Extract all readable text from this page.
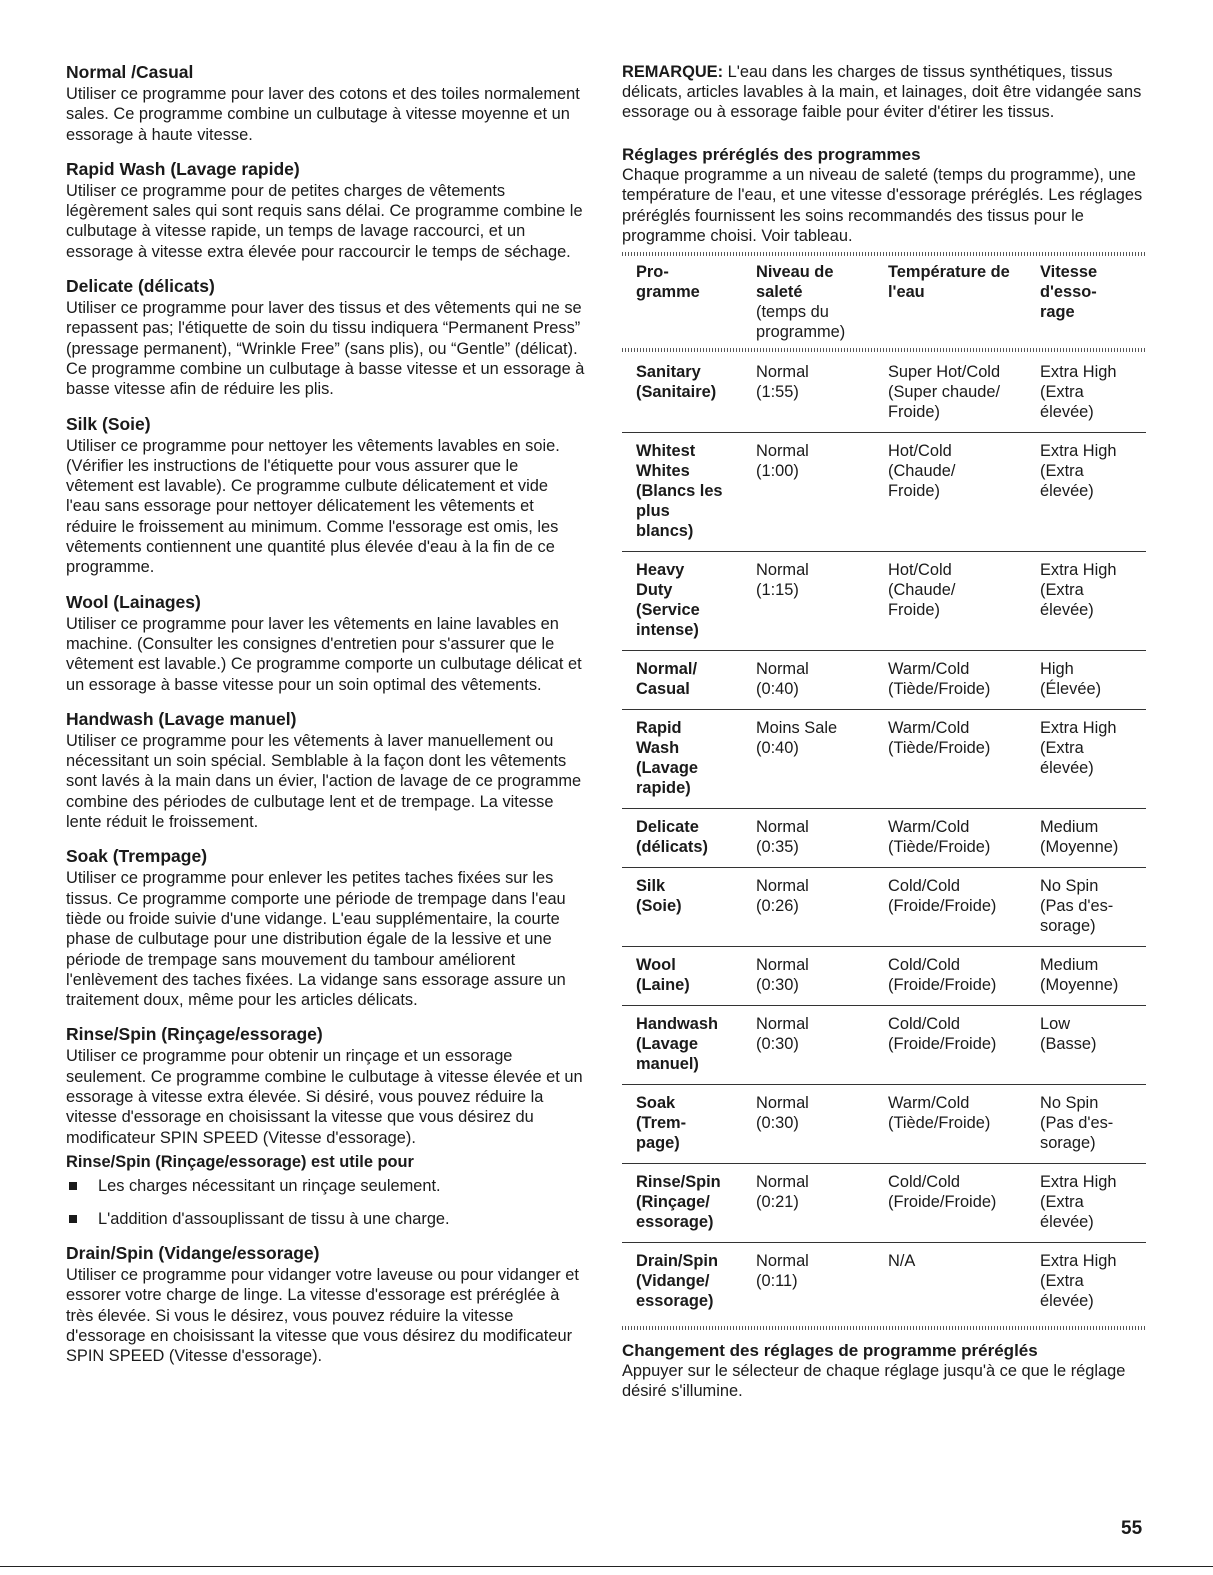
Normal /Casual

Utiliser ce programme pour laver des cotons et des toiles normalement sales. Ce programme combine un culbutage à vitesse moyenne et un essorage à haute vitesse.

Rapid Wash (Lavage rapide)

Utiliser ce programme pour de petites charges de vêtements légèrement sales qui sont requis sans délai. Ce programme combine le culbutage à vitesse rapide, un temps de lavage raccourci, et un essorage à vitesse extra élevée pour raccourcir le temps de séchage.

Delicate (délicats)

Utiliser ce programme pour laver des tissus et des vêtements qui ne se repassent pas; l'étiquette de soin du tissu indiquera “Permanent Press” (pressage permanent), “Wrinkle Free” (sans plis), ou “Gentle” (délicat). Ce programme combine un culbutage à basse vitesse et un essorage à basse vitesse afin de réduire les plis.

Silk (Soie)

Utiliser ce programme pour nettoyer les vêtements lavables en soie. (Vérifier les instructions de l'étiquette pour vous assurer que le vêtement est lavable). Ce programme culbute délicatement et vide l'eau sans essorage pour nettoyer délicatement les vêtements et réduire le froissement au minimum. Comme l'essorage est omis, les vêtements contiennent une quantité plus élevée d'eau à la fin de ce programme.

Wool (Lainages)

Utiliser ce programme pour laver les vêtements en laine lavables en machine. (Consulter les consignes d'entretien pour s'assurer que le vêtement est lavable.) Ce programme comporte un culbutage délicat et un essorage à basse vitesse pour un soin optimal des vêtements.

Handwash (Lavage manuel)

Utiliser ce programme pour les vêtements à laver manuellement ou nécessitant un soin spécial. Semblable à la façon dont les vêtements sont lavés à la main dans un évier, l'action de lavage de ce programme combine des périodes de culbutage lent et de trempage. La vitesse lente réduit le froissement.

Soak (Trempage)

Utiliser ce programme pour enlever les petites taches fixées sur les tissus. Ce programme comporte une période de trempage dans l'eau tiède ou froide suivie d'une vidange. L'eau supplémentaire, la courte phase de culbutage pour une distribution égale de la lessive et une période de trempage sans mouvement du tambour améliorent l'enlèvement des taches fixées. La vidange sans essorage assure un traitement doux, même pour les articles délicats.

Rinse/Spin (Rinçage/essorage)

Utiliser ce programme pour obtenir un rinçage et un essorage seulement. Ce programme combine le culbutage à vitesse élevée et un essorage à vitesse extra élevée. Si désiré, vous pouvez réduire la vitesse d'essorage en choisissant la vitesse que vous désirez du modificateur SPIN SPEED (Vitesse d'essorage).

Rinse/Spin (Rinçage/essorage) est utile pour

Les charges nécessitant un rinçage seulement.
L'addition d'assouplissant de tissu à une charge.

Drain/Spin (Vidange/essorage)

Utiliser ce programme pour vidanger votre laveuse ou pour vidanger et essorer votre charge de linge. La vitesse d'essorage est préréglée à très élevée. Si vous le désirez, vous pouvez réduire la vitesse d'essorage en choisissant la vitesse que vous désirez du modificateur SPIN SPEED (Vitesse d'essorage).

REMARQUE: L'eau dans les charges de tissus synthétiques, tissus délicats, articles lavables à la main, et lainages, doit être vidangée sans essorage ou à essorage faible pour éviter d'étirer les tissus.

Réglages préréglés des programmes

Chaque programme a un niveau de saleté (temps du programme), une température de l'eau, et une vitesse d'essorage préréglés. Les réglages préréglés fournissent les soins recommandés des tissus pour le programme choisi. Voir tableau.

Pro-
gramme	Niveau de
saleté
(temps du
programme)	Température de
l'eau	Vitesse
d'esso-
rage

Sanitary
(Sanitaire)	Normal
(1:55)	Super Hot/Cold
(Super chaude/
Froide)	Extra High
(Extra
élevée)

Whitest
Whites
(Blancs les
plus
blancs)	Normal
(1:00)	Hot/Cold
(Chaude/
Froide)	Extra High
(Extra
élevée)

Heavy
Duty
(Service
intense)	Normal
(1:15)	Hot/Cold
(Chaude/
Froide)	Extra High
(Extra
élevée)

Normal/
Casual	Normal
(0:40)	Warm/Cold
(Tiède/Froide)	High
(Élevée)

Rapid
Wash
(Lavage
rapide)	Moins Sale
(0:40)	Warm/Cold
(Tiède/Froide)	Extra High
(Extra
élevée)

Delicate
(délicats)	Normal
(0:35)	Warm/Cold
(Tiède/Froide)	Medium
(Moyenne)

Silk
(Soie)	Normal
(0:26)	Cold/Cold
(Froide/Froide)	No Spin
(Pas d'es-
sorage)

Wool
(Laine)	Normal
(0:30)	Cold/Cold
(Froide/Froide)	Medium
(Moyenne)

Handwash
(Lavage
manuel)	Normal
(0:30)	Cold/Cold
(Froide/Froide)	Low
(Basse)

Soak
(Trem-
page)	Normal
(0:30)	Warm/Cold
(Tiède/Froide)	No Spin
(Pas d'es-
sorage)

Rinse/Spin
(Rinçage/
essorage)	Normal
(0:21)	Cold/Cold
(Froide/Froide)	Extra High
(Extra
élevée)

Drain/Spin
(Vidange/
essorage)	Normal
(0:11)	N/A	Extra High
(Extra
élevée)

Changement des réglages de programme préréglés

Appuyer sur le sélecteur de chaque réglage jusqu'à ce que le réglage désiré s'illumine.

55
